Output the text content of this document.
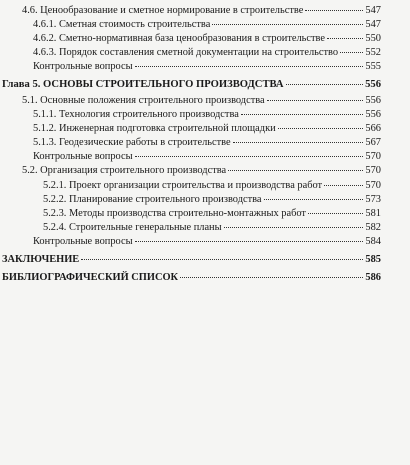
4.6. Ценообразование и сметное нормирование в строительстве	547
4.6.1. Сметная стоимость строительства	547
4.6.2. Сметно-нормативная база ценообразования в строительстве	550
4.6.3. Порядок составления сметной документации на строительство	552
Контрольные вопросы	555
Глава 5. ОСНОВЫ СТРОИТЕЛЬНОГО ПРОИЗВОДСТВА	556
5.1. Основные положения строительного производства	556
5.1.1. Технология строительного производства	556
5.1.2. Инженерная подготовка строительной площадки	566
5.1.3. Геодезические работы в строительстве	567
Контрольные вопросы	570
5.2. Организация строительного производства	570
5.2.1. Проект организации строительства и производства работ	570
5.2.2. Планирование строительного производства	573
5.2.3. Методы производства строительно-монтажных работ	581
5.2.4. Строительные генеральные планы	582
Контрольные вопросы	584
ЗАКЛЮЧЕНИЕ	585
БИБЛИОГРАФИЧЕСКИЙ СПИСОК	586
